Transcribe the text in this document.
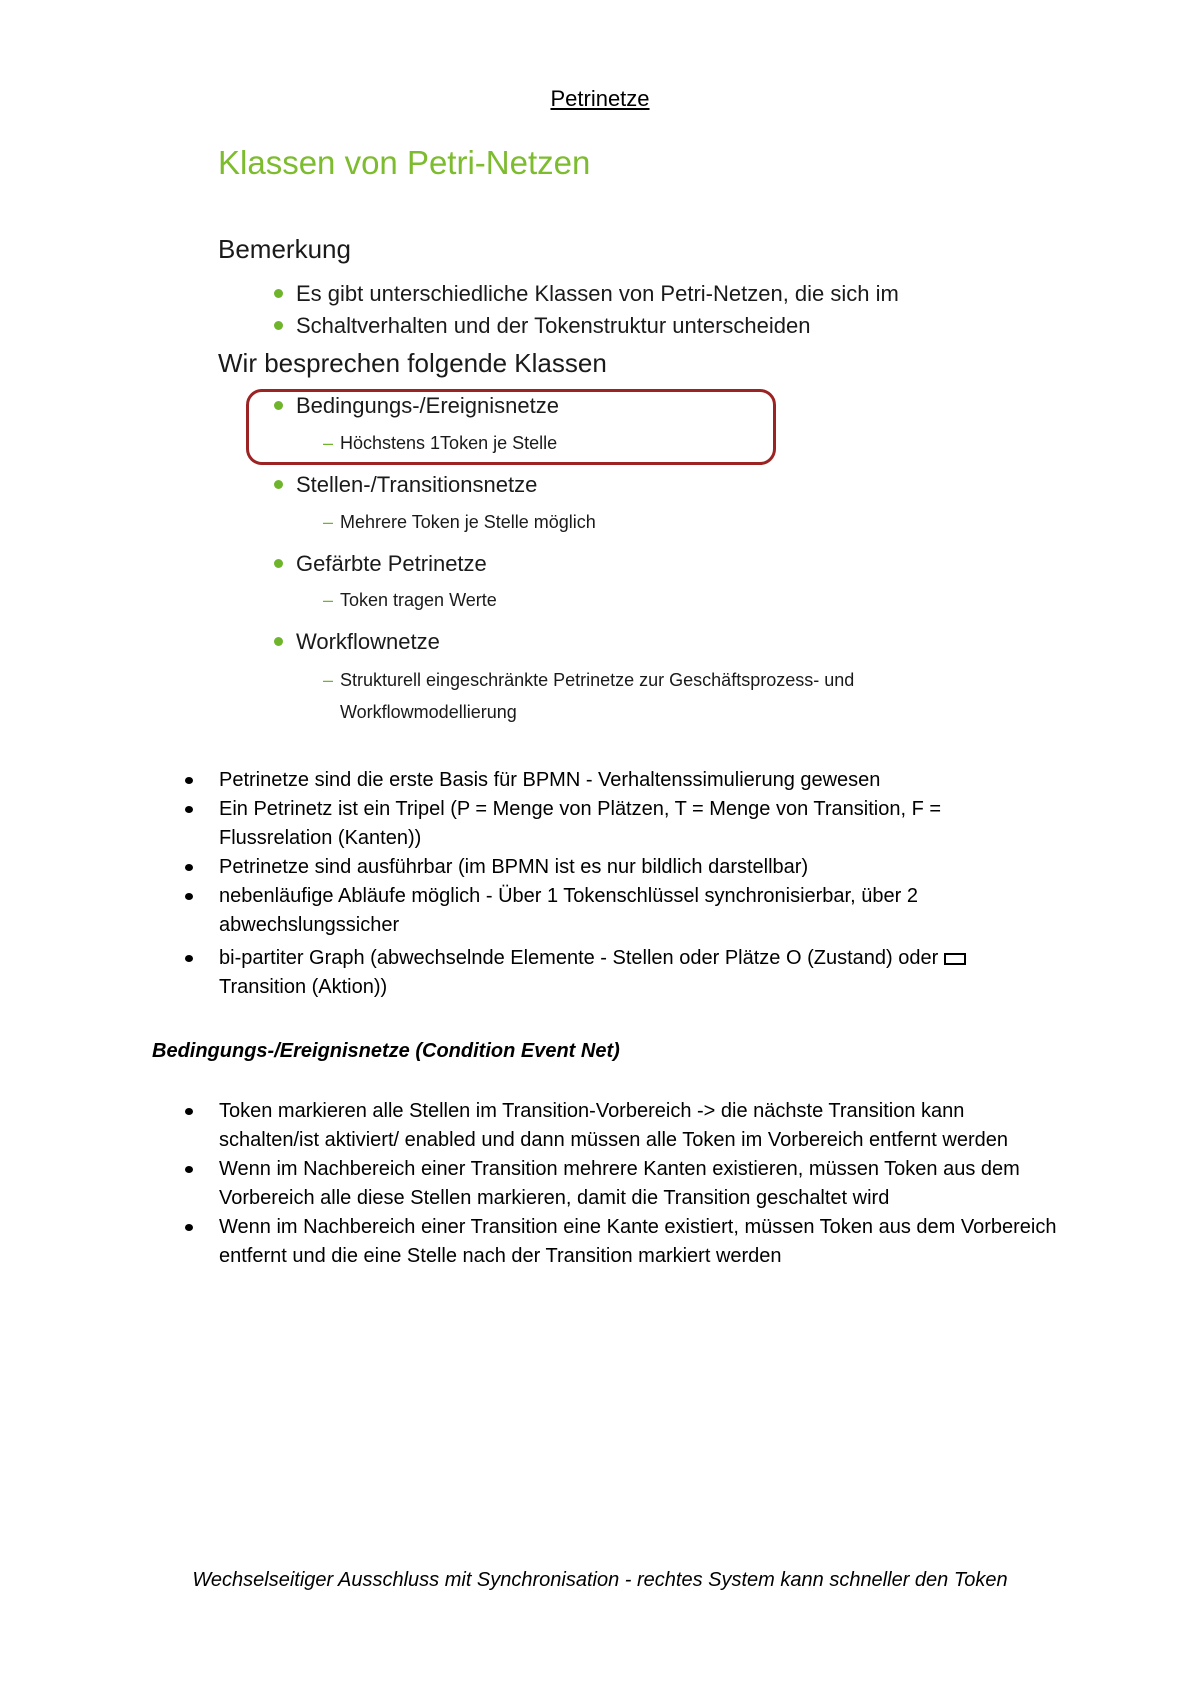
Petrinetze
Klassen von Petri-Netzen
Bemerkung
Es gibt unterschiedliche Klassen von Petri-Netzen, die sich im
Schaltverhalten und der Tokenstruktur unterscheiden
Wir besprechen folgende Klassen
Bedingungs-/Ereignisnetze
– Höchstens 1Token je Stelle
Stellen-/Transitionsnetze
– Mehrere Token je Stelle möglich
Gefärbte Petrinetze
– Token tragen Werte
Workflownetze
– Strukturell eingeschränkte Petrinetze zur Geschäftsprozess- und
Workflowmodellierung
Petrinetze sind die erste Basis für BPMN - Verhaltenssimulierung gewesen
Ein Petrinetz ist ein Tripel (P = Menge von Plätzen, T = Menge von Transition, F = Flussrelation (Kanten))
Petrinetze sind ausführbar (im BPMN ist es nur bildlich darstellbar)
nebenläufige Abläufe möglich - Über 1 Tokenschlüssel synchronisierbar, über 2 abwechslungssicher
bi-partiter Graph (abwechselnde Elemente - Stellen oder Plätze O (Zustand) oder
Transition (Aktion))
Bedingungs-/Ereignisnetze (Condition Event Net)
Token markieren alle Stellen im Transition-Vorbereich -> die nächste Transition kann schalten/ist aktiviert/ enabled und dann müssen alle Token im Vorbereich entfernt werden
Wenn im Nachbereich einer Transition mehrere Kanten existieren, müssen Token aus dem Vorbereich alle diese Stellen markieren, damit die Transition geschaltet wird
Wenn im Nachbereich einer Transition eine Kante existiert, müssen Token aus dem Vorbereich entfernt und die eine Stelle nach der Transition markiert werden
Wechselseitiger Ausschluss mit Synchronisation - rechtes System kann schneller den Token
